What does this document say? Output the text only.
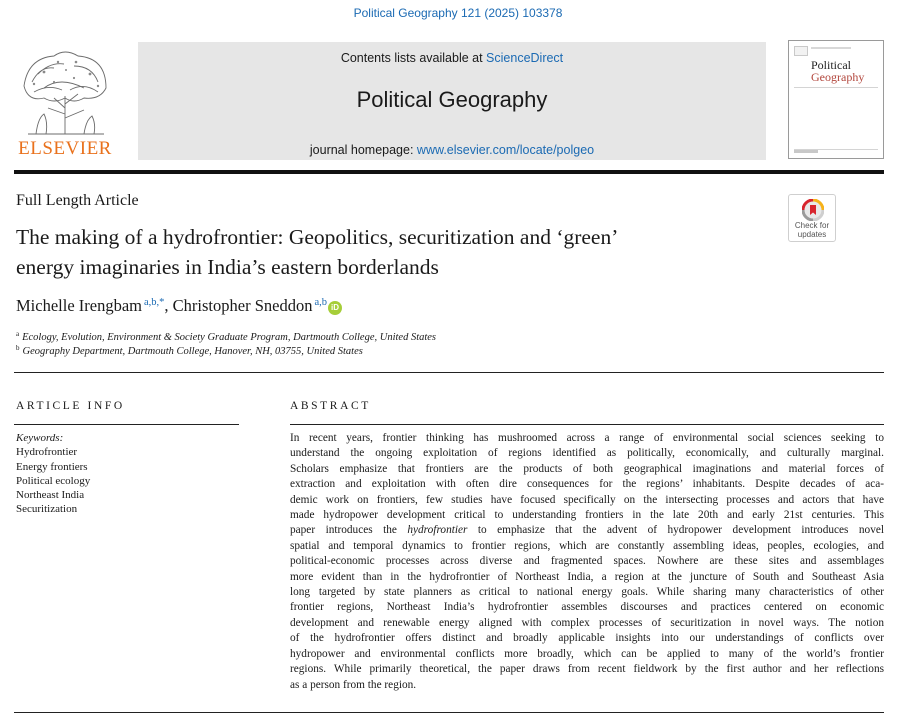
Political Geography 121 (2025) 103378
ELSEVIER
Contents lists available at ScienceDirect
Political Geography
journal homepage: www.elsevier.com/locate/polgeo
Political
Geography
Full Length Article
The making of a hydrofrontier: Geopolitics, securitization and ‘green’
energy imaginaries in India’s eastern borderlands
Check for
updates
Michelle Irengbam $^{a,b,*}$, Christopher Sneddon $^{a,b}$ iD
$^a$ Ecology, Evolution, Environment & Society Graduate Program, Dartmouth College, United States
$^b$ Geography Department, Dartmouth College, Hanover, NH, 03755, United States
ARTICLE INFO
Keywords:
Hydrofrontier
Energy frontiers
Political ecology
Northeast India
Securitization
ABSTRACT
In recent years, frontier thinking has mushroomed across a range of environmental social sciences seeking to
understand the ongoing exploitation of regions identified as politically, economically, and culturally marginal.
Scholars emphasize that frontiers are the products of both geographical imaginations and material forces of
extraction and exploitation with often dire consequences for the regions’ inhabitants. Despite decades of aca-
demic work on frontiers, few studies have focused specifically on the intersecting processes and actors that have
made hydropower development critical to understanding frontiers in the late 20th and early 21st centuries. This
paper introduces the hydrofrontier to emphasize that the advent of hydropower development introduces novel
spatial and temporal dynamics to frontier regions, which are constantly assembling ideas, peoples, ecologies, and
political-economic processes across diverse and fragmented spaces. Nowhere are these sites and assemblages
more evident than in the hydrofrontier of Northeast India, a region at the juncture of South and Southeast Asia
long targeted by state planners as critical to national energy goals. While sharing many characteristics of other
frontier regions, Northeast India’s hydrofrontier assembles discourses and practices centered on economic
development and renewable energy aligned with complex processes of securitization in novel ways. The notion
of the hydrofrontier offers distinct and broadly applicable insights into our understandings of conflicts over
hydropower and environmental conflicts more broadly, which can be applied to many of the world’s frontier
regions. While primarily theoretical, the paper draws from recent fieldwork by the first author and her reflections
as a person from the region.
